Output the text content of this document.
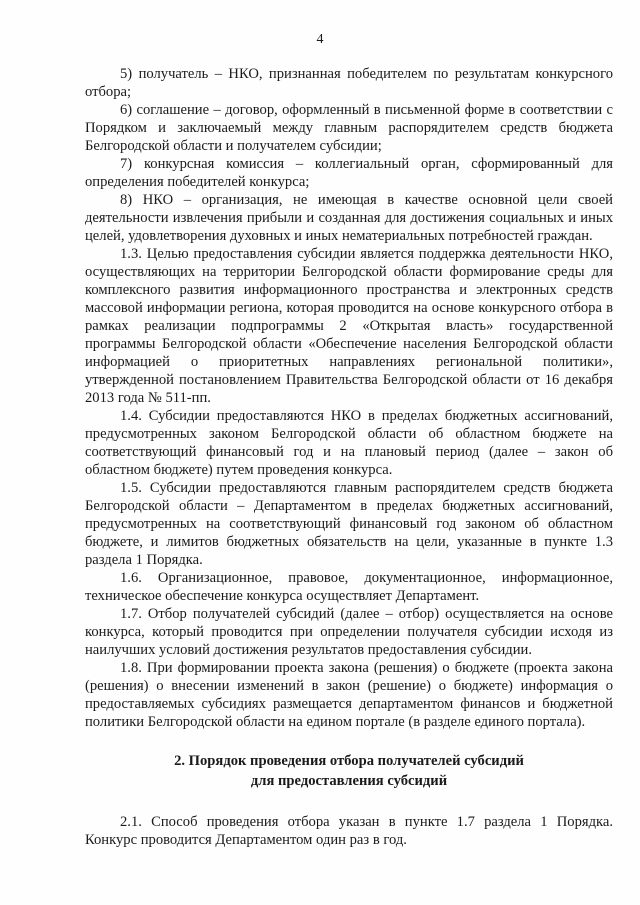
4

5) получатель – НКО, признанная победителем по результатам конкурсного отбора;

6) соглашение – договор, оформленный в письменной форме в соответствии с Порядком и заключаемый между главным распорядителем средств бюджета Белгородской области и получателем субсидии;

7) конкурсная комиссия – коллегиальный орган, сформированный для определения победителей конкурса;

8) НКО – организация, не имеющая в качестве основной цели своей деятельности извлечения прибыли и созданная для достижения социальных и иных целей, удовлетворения духовных и иных нематериальных потребностей граждан.

1.3. Целью предоставления субсидии является поддержка деятельности НКО, осуществляющих на территории Белгородской области формирование среды для комплексного развития информационного пространства и электронных средств массовой информации региона, которая проводится на основе конкурсного отбора в рамках реализации подпрограммы 2 «Открытая власть» государственной программы Белгородской области «Обеспечение населения Белгородской области информацией о приоритетных направлениях региональной политики», утвержденной постановлением Правительства Белгородской области от 16 декабря 2013 года № 511-пп.

1.4. Субсидии предоставляются НКО в пределах бюджетных ассигнований, предусмотренных законом Белгородской области об областном бюджете на соответствующий финансовый год и на плановый период (далее – закон об областном бюджете) путем проведения конкурса.

1.5. Субсидии предоставляются главным распорядителем средств бюджета Белгородской области – Департаментом в пределах бюджетных ассигнований, предусмотренных на соответствующий финансовый год законом об областном бюджете, и лимитов бюджетных обязательств на цели, указанные в пункте 1.3 раздела 1 Порядка.

1.6. Организационное, правовое, документационное, информационное, техническое обеспечение конкурса осуществляет Департамент.

1.7. Отбор получателей субсидий (далее – отбор) осуществляется на основе конкурса, который проводится при определении получателя субсидии исходя из наилучших условий достижения результатов предоставления субсидии.

1.8. При формировании проекта закона (решения) о бюджете (проекта закона (решения) о внесении изменений в закон (решение) о бюджете) информация о предоставляемых субсидиях размещается департаментом финансов и бюджетной политики Белгородской области на едином портале (в разделе единого портала).

2. Порядок проведения отбора получателей субсидий
для предоставления субсидий

2.1. Способ проведения отбора указан в пункте 1.7 раздела 1 Порядка. Конкурс проводится Департаментом один раз в год.
